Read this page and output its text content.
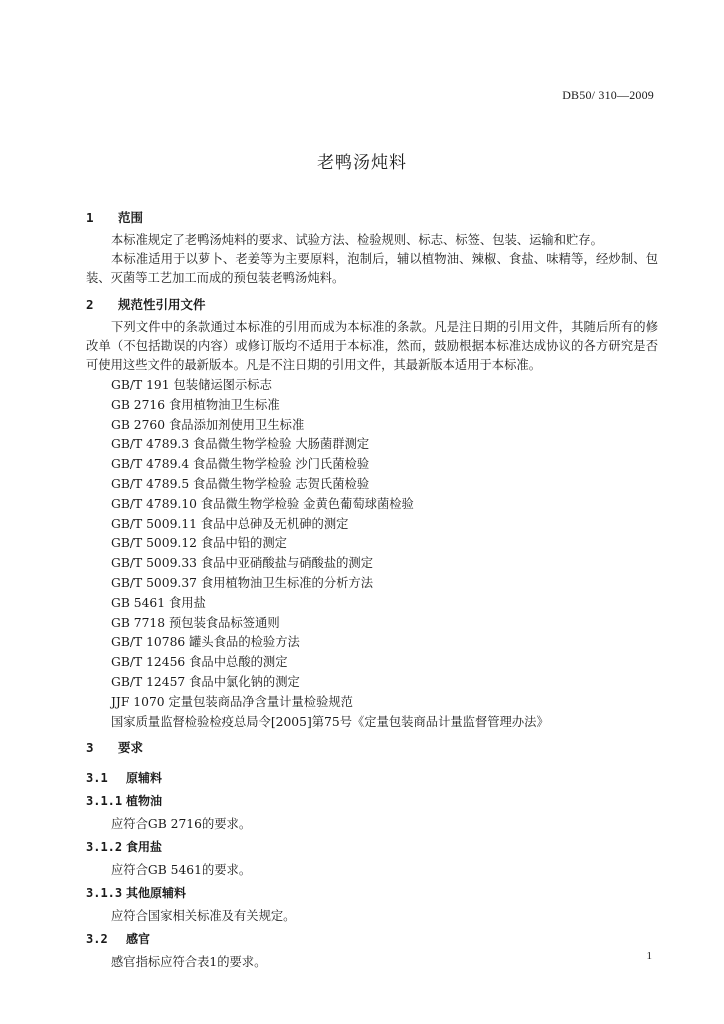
DB50/ 310—2009
老鸭汤炖料
1 范围

本标准规定了老鸭汤炖料的要求、试验方法、检验规则、标志、标签、包装、运输和贮存。

本标准适用于以萝卜、老姜等为主要原料，泡制后，辅以植物油、辣椒、食盐、味精等，经炒制、包装、灭菌等工艺加工而成的预包装老鸭汤炖料。

2 规范性引用文件

下列文件中的条款通过本标准的引用而成为本标准的条款。凡是注日期的引用文件，其随后所有的修改单（不包括勘误的内容）或修订版均不适用于本标准，然而，鼓励根据本标准达成协议的各方研究是否可使用这些文件的最新版本。凡是不注日期的引用文件，其最新版本适用于本标准。

GB/T 191 包装储运图示标志
GB 2716 食用植物油卫生标准
GB 2760 食品添加剂使用卫生标准
GB/T 4789.3 食品微生物学检验 大肠菌群测定
GB/T 4789.4 食品微生物学检验 沙门氏菌检验
GB/T 4789.5 食品微生物学检验 志贺氏菌检验
GB/T 4789.10 食品微生物学检验 金黄色葡萄球菌检验
GB/T 5009.11 食品中总砷及无机砷的测定
GB/T 5009.12 食品中铅的测定
GB/T 5009.33 食品中亚硝酸盐与硝酸盐的测定
GB/T 5009.37 食用植物油卫生标准的分析方法
GB 5461 食用盐
GB 7718 预包装食品标签通则
GB/T 10786 罐头食品的检验方法
GB/T 12456 食品中总酸的测定
GB/T 12457 食品中氯化钠的测定
JJF 1070 定量包装商品净含量计量检验规范
国家质量监督检验检疫总局令[2005]第75号《定量包装商品计量监督管理办法》
3 要求
3.1 原辅料
3.1.1 植物油

应符合GB 2716的要求。

3.1.2 食用盐

应符合GB 5461的要求。

3.1.3 其他原辅料

应符合国家相关标准及有关规定。

3.2 感官

感官指标应符合表1的要求。	1
